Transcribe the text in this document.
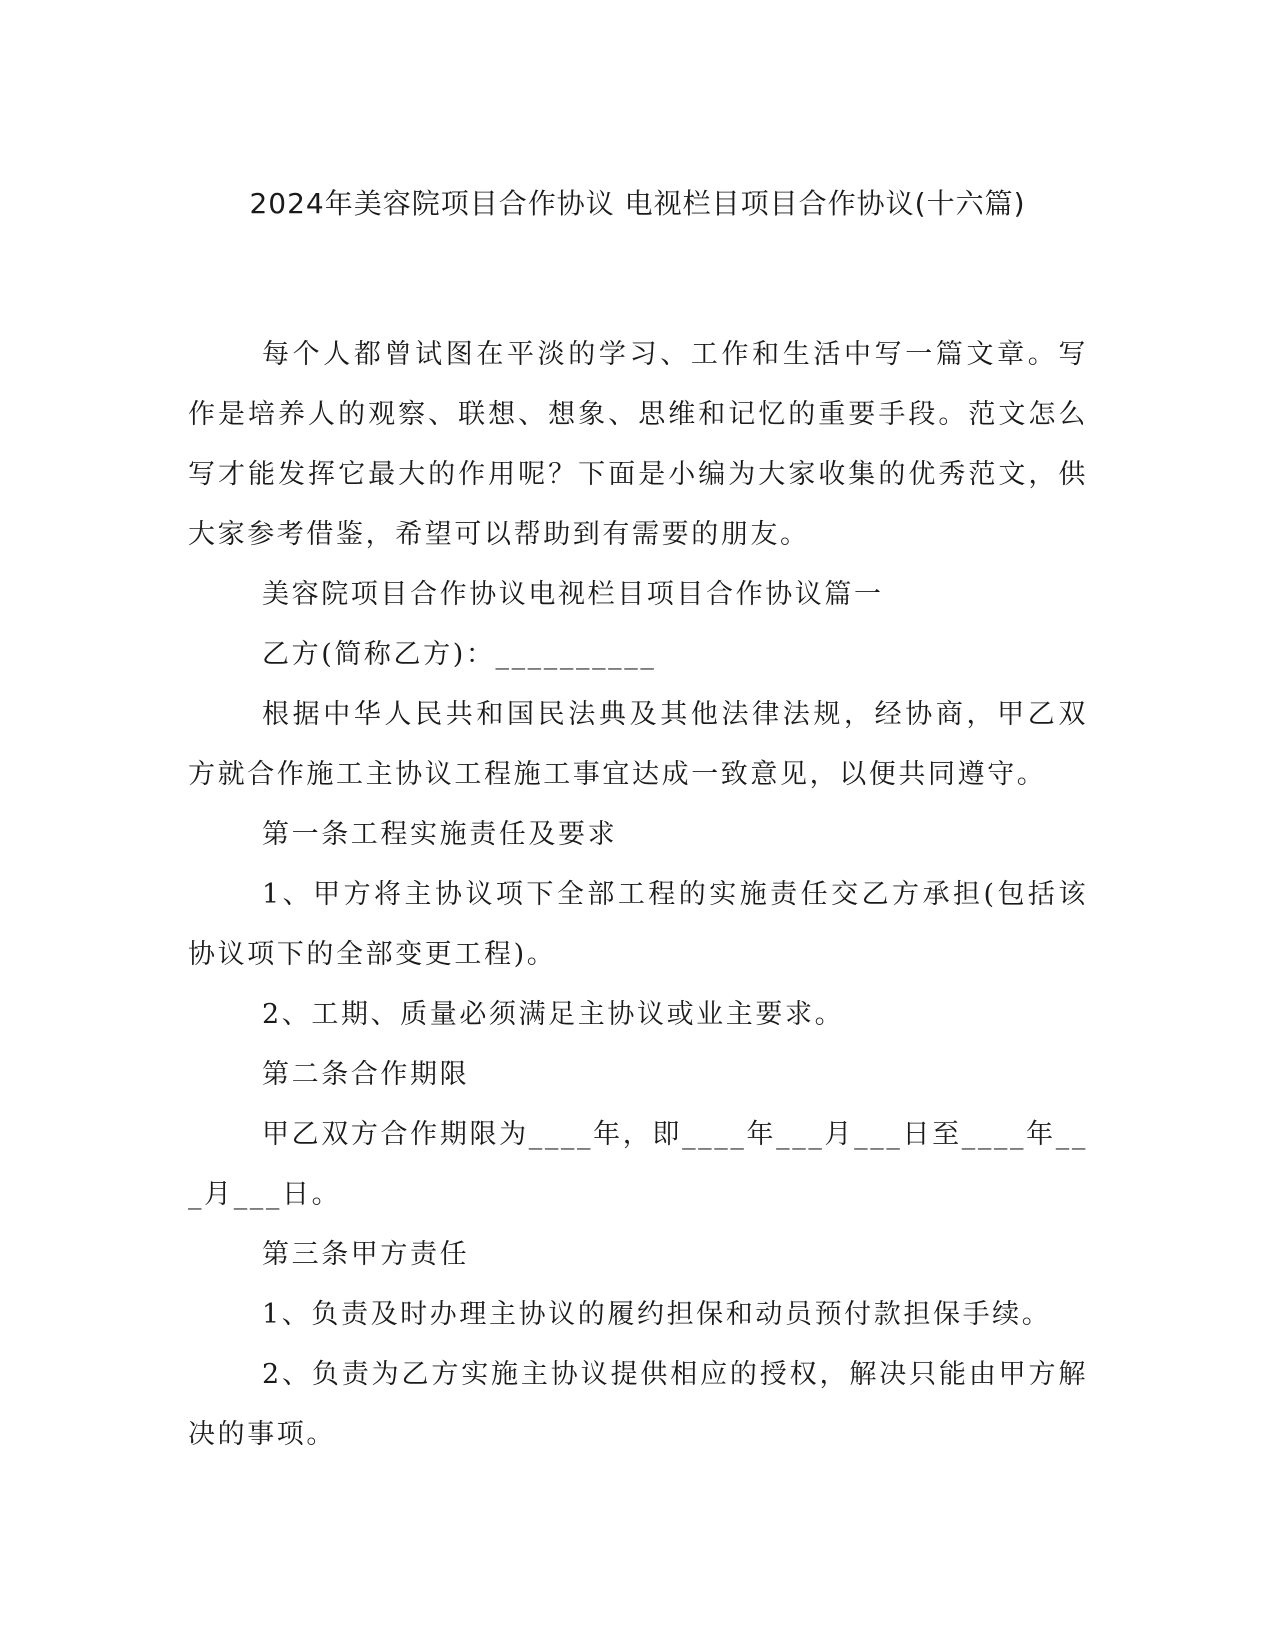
2024年美容院项目合作协议 电视栏目项目合作协议(十六篇)

每个人都曾试图在平淡的学习、工作和生活中写一篇文章。写作是培养人的观察、联想、想象、思维和记忆的重要手段。范文怎么写才能发挥它最大的作用呢？下面是小编为大家收集的优秀范文，供大家参考借鉴，希望可以帮助到有需要的朋友。

美容院项目合作协议电视栏目项目合作协议篇一

乙方(简称乙方)：__________

根据中华人民共和国民法典及其他法律法规，经协商，甲乙双方就合作施工主协议工程施工事宜达成一致意见，以便共同遵守。

第一条工程实施责任及要求

1、甲方将主协议项下全部工程的实施责任交乙方承担(包括该协议项下的全部变更工程)。

2、工期、质量必须满足主协议或业主要求。

第二条合作期限

甲乙双方合作期限为____年，即____年___月___日至____年___月___日。

第三条甲方责任

1、负责及时办理主协议的履约担保和动员预付款担保手续。

2、负责为乙方实施主协议提供相应的授权，解决只能由甲方解决的事项。
